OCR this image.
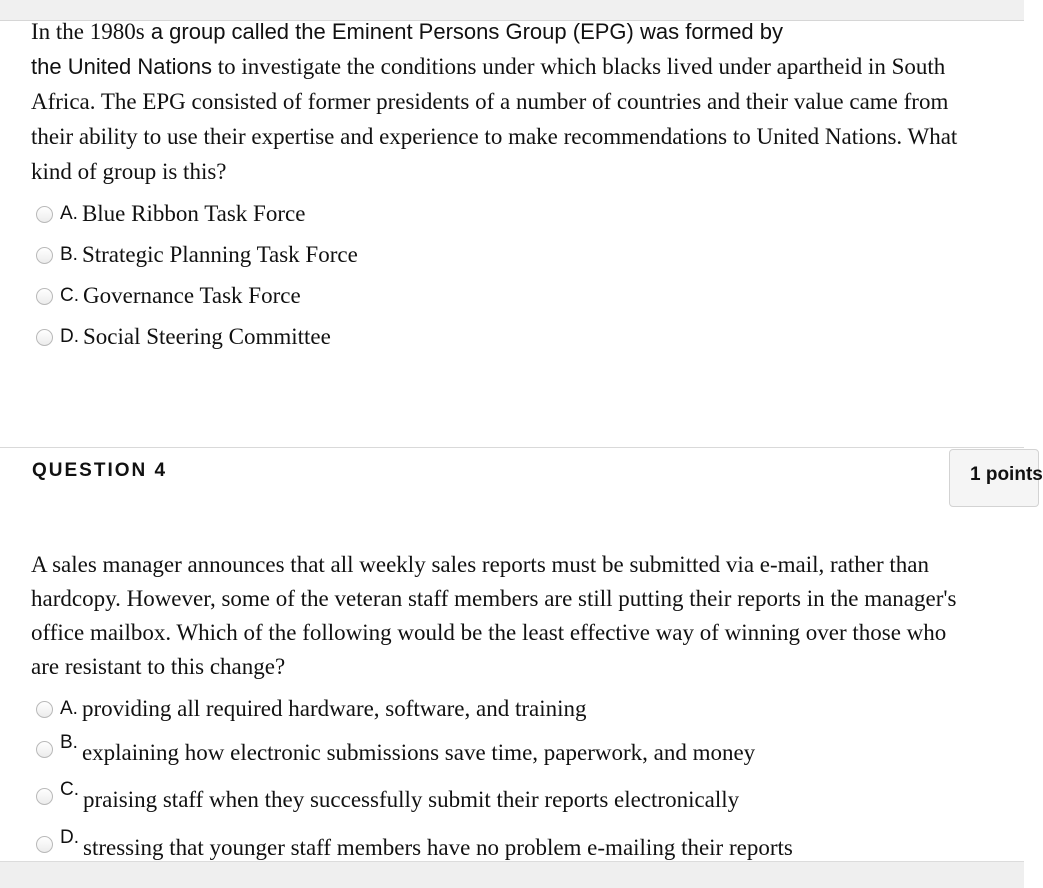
In the 1980s a group called the Eminent Persons Group (EPG) was formed by
the United Nations to investigate the conditions under which blacks lived under apartheid in South Africa. The EPG consisted of former presidents of a number of countries and their value came from their ability to use their expertise and experience to make recommendations to United Nations. What kind of group is this?

A. Blue Ribbon Task Force
B. Strategic Planning Task Force
C. Governance Task Force
D. Social Steering Committee
QUESTION 4	1 points

A sales manager announces that all weekly sales reports must be submitted via e-mail, rather than hardcopy. However, some of the veteran staff members are still putting their reports in the manager's office mailbox. Which of the following would be the least effective way of winning over those who are resistant to this change?

A. providing all required hardware, software, and training
B. explaining how electronic submissions save time, paperwork, and money
C. praising staff when they successfully submit their reports electronically
D. stressing that younger staff members have no problem e-mailing their reports
